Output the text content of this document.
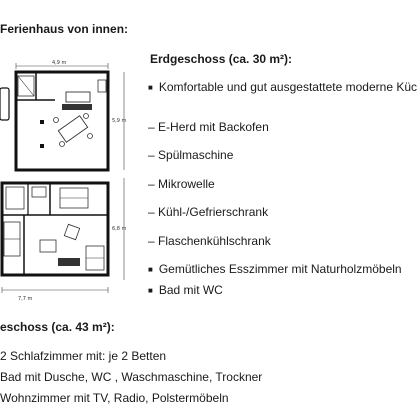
Ferienhaus von innen:
4,9 m
5,9 m
6,8 m
7,7 m
Erdgeschoss (ca. 30 m²):
■ Komfortable und gut ausgestattete moderne Küc
– E-Herd mit Backofen
– Spülmaschine
– Mikrowelle
– Kühl-/Gefrierschrank
– Flaschenkühlschrank
■ Gemütliches Esszimmer mit Naturholzmöbeln
■ Bad mit WC
eschoss (ca. 43 m²):
2 Schlafzimmer mit: je 2 Betten
Bad mit Dusche, WC , Waschmaschine, Trockner
Wohnzimmer mit TV, Radio, Polstermöbeln
